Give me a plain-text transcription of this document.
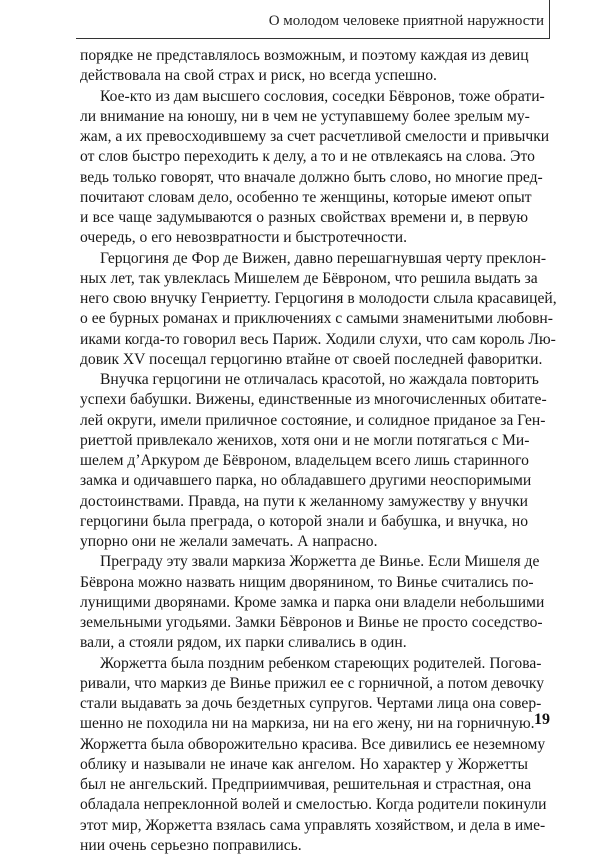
О молодом человеке приятной наружности
порядке не представлялось возможным, и поэтому каждая из девиц
действовала на свой страх и риск, но всегда успешно.
Кое-кто из дам высшего сословия, соседки Бёвронов, тоже обрати-
ли внимание на юношу, ни в чем не уступавшему более зрелым му-
жам, а их превосходившему за счет расчетливой смелости и привычки
от слов быстро переходить к делу, а то и не отвлекаясь на слова. Это
ведь только говорят, что вначале должно быть слово, но многие пред-
почитают словам дело, особенно те женщины, которые имеют опыт
и все чаще задумываются о разных свойствах времени и, в первую
очередь, о его невозвратности и быстротечности.
Герцогиня де Фор де Вижен, давно перешагнувшая черту преклон-
ных лет, так увлеклась Мишелем де Бёвроном, что решила выдать за
него свою внучку Генриетту. Герцогиня в молодости слыла красавицей,
о ее бурных романах и приключениях с самыми знаменитыми любовн-
иками когда-то говорил весь Париж. Ходили слухи, что сам король Лю-
довик XV посещал герцогиню втайне от своей последней фаворитки.
Внучка герцогини не отличалась красотой, но жаждала повторить
успехи бабушки. Вижены, единственные из многочисленных обитате-
лей округи, имели приличное состояние, и солидное приданое за Ген-
риеттой привлекало женихов, хотя они и не могли потягаться с Ми-
шелем д’Аркуром де Бёвроном, владельцем всего лишь старинного
замка и одичавшего парка, но обладавшего другими неоспоримыми
достоинствами. Правда, на пути к желанному замужеству у внучки
герцогини была преграда, о которой знали и бабушка, и внучка, но
упорно они не желали замечать. А напрасно.
Преграду эту звали маркиза Жоржетта де Винье. Если Мишеля де
Бёврона можно назвать нищим дворянином, то Винье считались по-
лунищими дворянами. Кроме замка и парка они владели небольшими
земельными угодьями. Замки Бёвронов и Винье не просто соседство-
вали, а стояли рядом, их парки сливались в один.
Жоржетта была поздним ребенком стареющих родителей. Погова-
ривали, что маркиз де Винье прижил ее с горничной, а потом девочку
стали выдавать за дочь бездетных супругов. Чертами лица она совер-
шенно не походила ни на маркиза, ни на его жену, ни на горничную.
Жоржетта была обворожительно красива. Все дивились ее неземному
облику и называли не иначе как ангелом. Но характер у Жоржетты
был не ангельский. Предприимчивая, решительная и страстная, она
обладала непреклонной волей и смелостью. Когда родители покинули
этот мир, Жоржетта взялась сама управлять хозяйством, и дела в име-
нии очень серьезно поправились.
19
